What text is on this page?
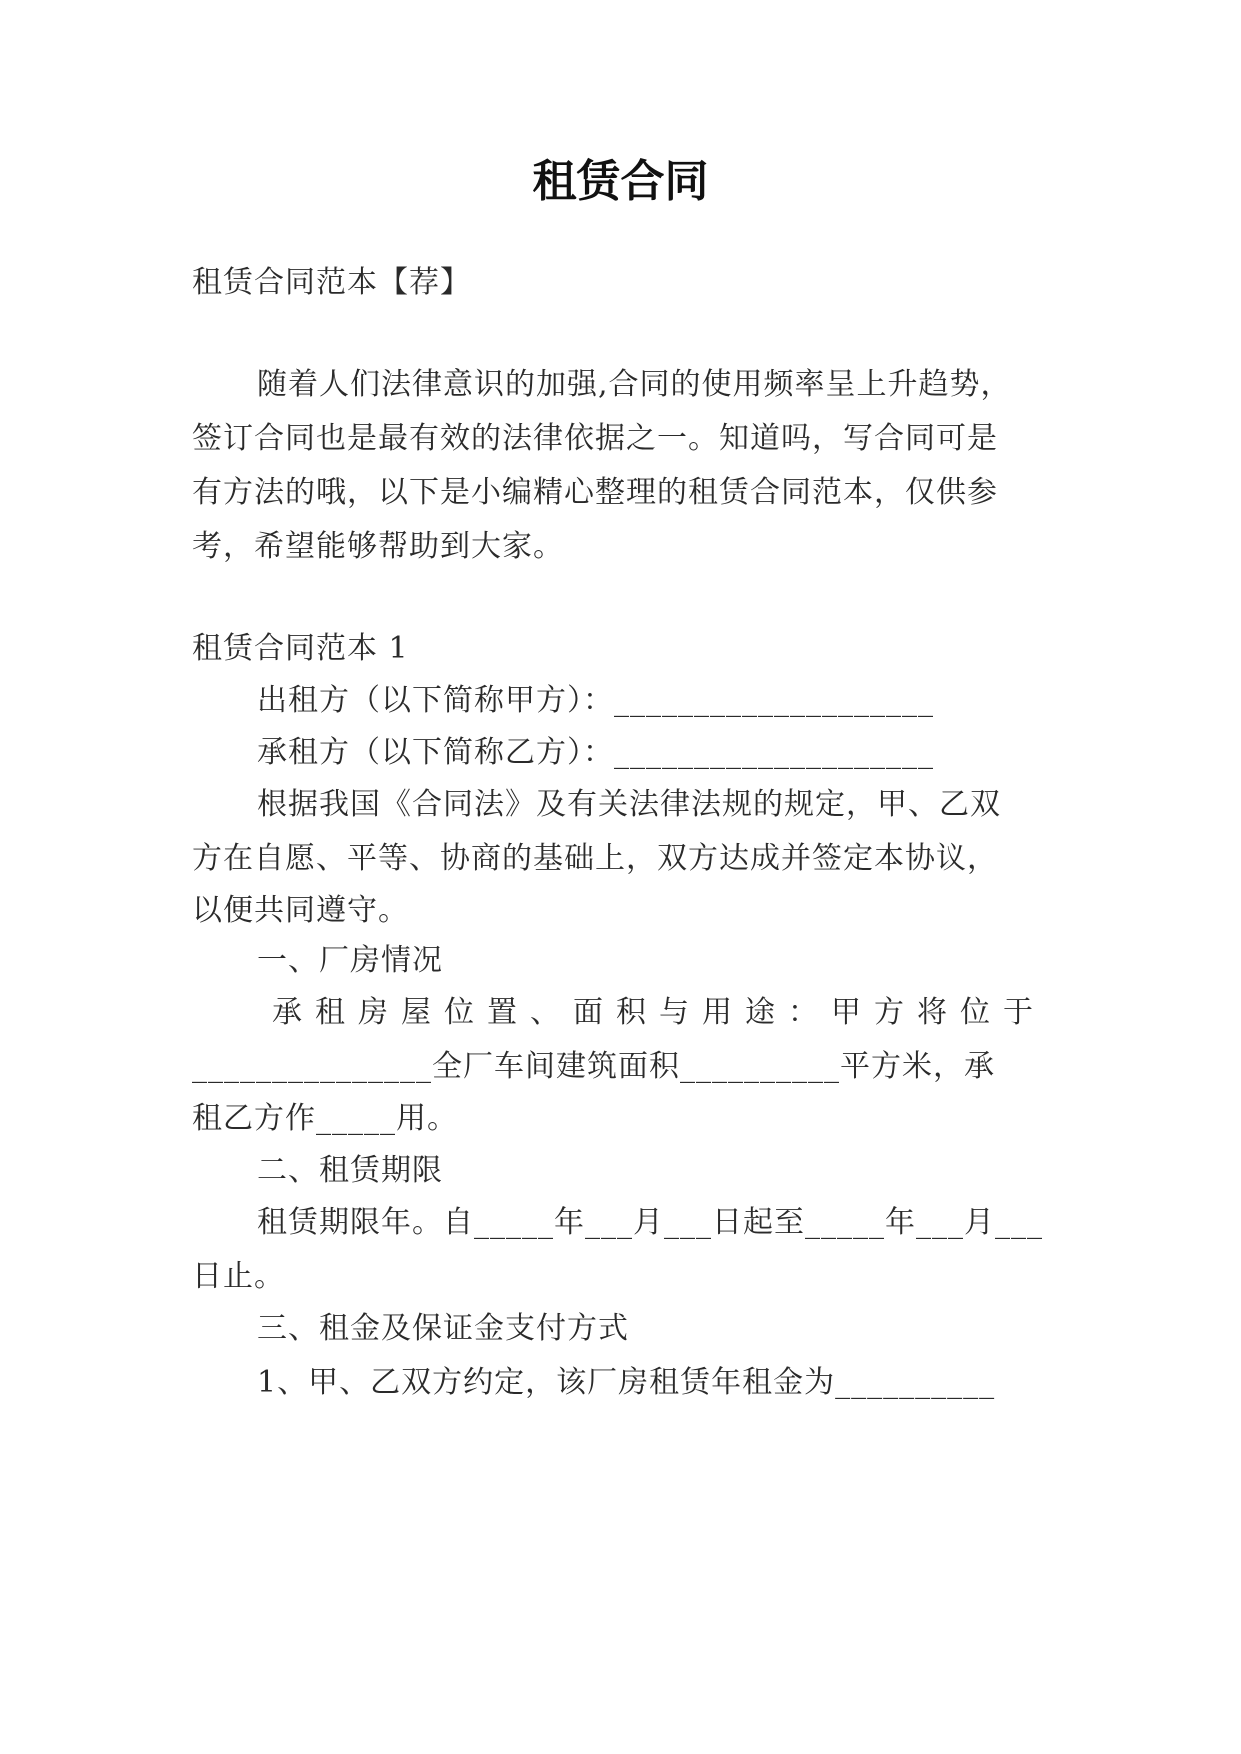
租赁合同
租赁合同范本【荐】
随着人们法律意识的加强,合同的使用频率呈上升趋势，
签订合同也是最有效的法律依据之一。知道吗，写合同可是
有方法的哦，以下是小编精心整理的租赁合同范本，仅供参
考，希望能够帮助到大家。
租赁合同范本 1
出租方（以下简称甲方）：____________________
承租方（以下简称乙方）：____________________
根据我国《合同法》及有关法律法规的规定，甲、乙双
方在自愿、平等、协商的基础上，双方达成并签定本协议，
以便共同遵守。
一、厂房情况
承租房屋位置、面积与用途：甲方将位于
_______________全厂车间建筑面积__________平方米，承
租乙方作_____用。
二、租赁期限
租赁期限年。自_____年___月___日起至_____年___月___
日止。
三、租金及保证金支付方式
1、甲、乙双方约定，该厂房租赁年租金为__________
